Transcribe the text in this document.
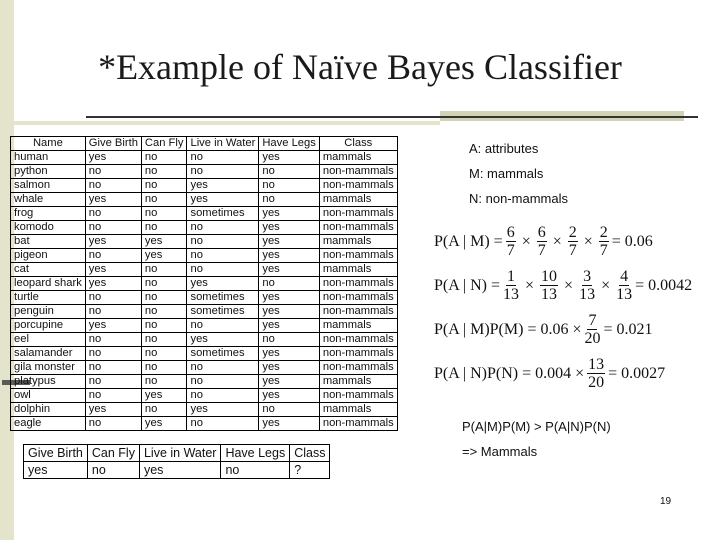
*Example of Naïve Bayes Classifier
Name	Give Birth	Can Fly	Live in Water	Have Legs	Class
human	yes	no	no	yes	mammals
python	no	no	no	no	non-mammals
salmon	no	no	yes	no	non-mammals
whale	yes	no	yes	no	mammals
frog	no	no	sometimes	yes	non-mammals
komodo	no	no	no	yes	non-mammals
bat	yes	yes	no	yes	mammals
pigeon	no	yes	no	yes	non-mammals
cat	yes	no	no	yes	mammals
leopard shark	yes	no	yes	no	non-mammals
turtle	no	no	sometimes	yes	non-mammals
penguin	no	no	sometimes	yes	non-mammals
porcupine	yes	no	no	yes	mammals
eel	no	no	yes	no	non-mammals
salamander	no	no	sometimes	yes	non-mammals
gila monster	no	no	no	yes	non-mammals
platypus	no	no	no	yes	mammals
owl	no	yes	no	yes	non-mammals
dolphin	yes	no	yes	no	mammals
eagle	no	yes	no	yes	non-mammals
Give Birth	Can Fly	Live in Water	Have Legs	Class
yes	no	yes	no	?
A: attributes
M: mammals
N: non-mammals
P(A | $M) = \frac{6}{7} \times \frac{6}{7} \times \frac{2}{7} \times \frac{2}{7} = 0.06$
P(A | $N) = \frac{1}{13} \times \frac{10}{13} \times \frac{3}{13} \times \frac{4}{13} = 0.0042$
P(A | $M)P(M) = 0.06 \times \frac{7}{20} = 0.021$
P(A | $N)P(N) = 0.004 \times \frac{13}{20} = 0.0027$
P(A|M)P(M) > P(A|N)P(N)
=> Mammals
19
